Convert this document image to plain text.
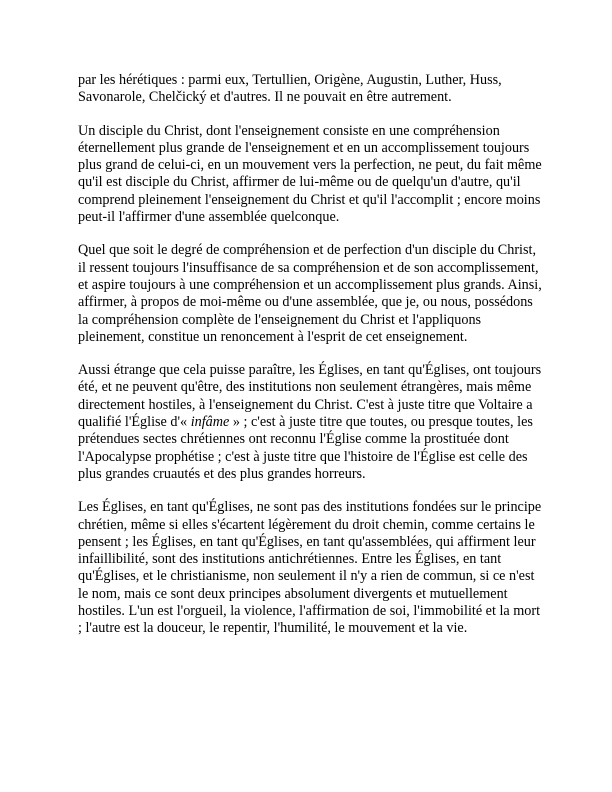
par les hérétiques : parmi eux, Tertullien, Origène, Augustin, Luther, Huss, Savonarole, Chelčický et d'autres. Il ne pouvait en être autrement.

Un disciple du Christ, dont l'enseignement consiste en une compréhension éternellement plus grande de l'enseignement et en un accomplissement toujours plus grand de celui-ci, en un mouvement vers la perfection, ne peut, du fait même qu'il est disciple du Christ, affirmer de lui-même ou de quelqu'un d'autre, qu'il comprend pleinement l'enseignement du Christ et qu'il l'accomplit ; encore moins peut-il l'affirmer d'une assemblée quelconque.

Quel que soit le degré de compréhension et de perfection d'un disciple du Christ, il ressent toujours l'insuffisance de sa compréhension et de son accomplissement, et aspire toujours à une compréhension et un accomplissement plus grands. Ainsi, affirmer, à propos de moi-même ou d'une assemblée, que je, ou nous, possédons la compréhension complète de l'enseignement du Christ et l'appliquons pleinement, constitue un renoncement à l'esprit de cet enseignement.

Aussi étrange que cela puisse paraître, les Églises, en tant qu'Églises, ont toujours été, et ne peuvent qu'être, des institutions non seulement étrangères, mais même directement hostiles, à l'enseignement du Christ. C'est à juste titre que Voltaire a qualifié l'Église d'« infâme » ; c'est à juste titre que toutes, ou presque toutes, les prétendues sectes chrétiennes ont reconnu l'Église comme la prostituée dont l'Apocalypse prophétise ; c'est à juste titre que l'histoire de l'Église est celle des plus grandes cruautés et des plus grandes horreurs.

Les Églises, en tant qu'Églises, ne sont pas des institutions fondées sur le principe chrétien, même si elles s'écartent légèrement du droit chemin, comme certains le pensent ; les Églises, en tant qu'Églises, en tant qu'assemblées, qui affirment leur infaillibilité, sont des institutions antichrétiennes. Entre les Églises, en tant qu'Églises, et le christianisme, non seulement il n'y a rien de commun, si ce n'est le nom, mais ce sont deux principes absolument divergents et mutuellement hostiles. L'un est l'orgueil, la violence, l'affirmation de soi, l'immobilité et la mort ; l'autre est la douceur, le repentir, l'humilité, le mouvement et la vie.
